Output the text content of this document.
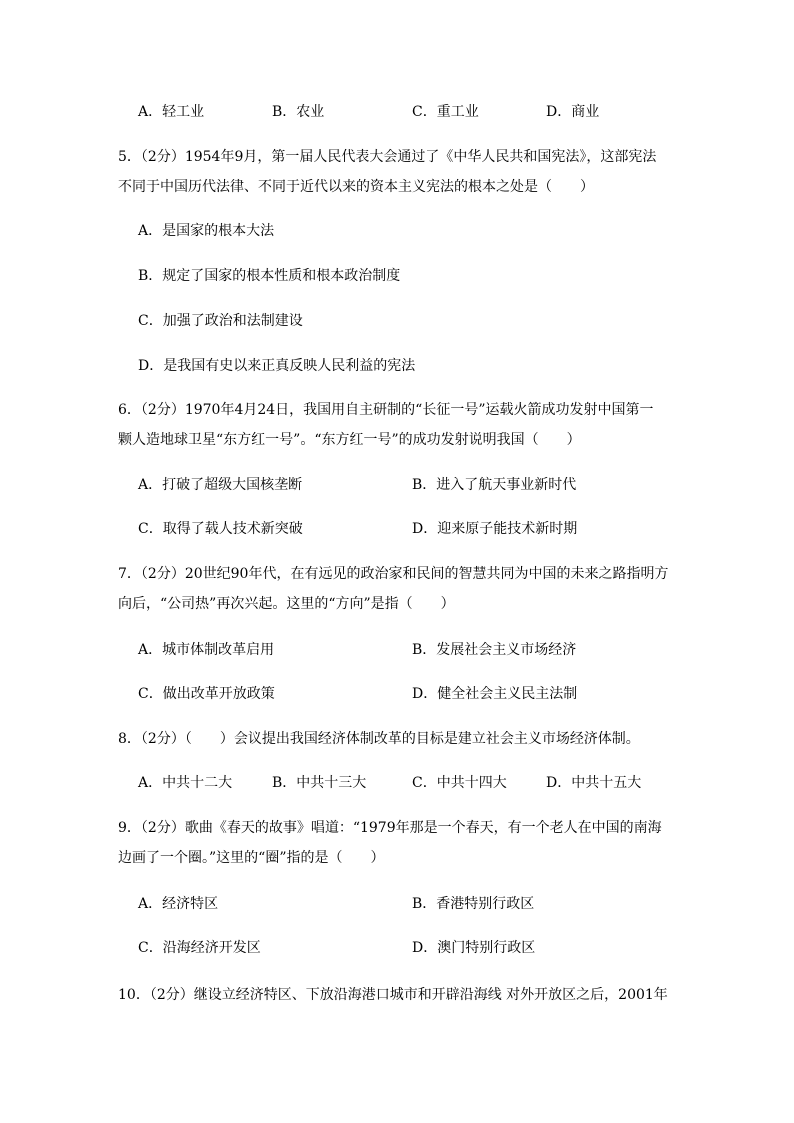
A．轻工业	B．农业	C．重工业	D．商业
5．（2分）1954年9月，第一届人民代表大会通过了《中华人民共和国宪法》，这部宪法
不同于中国历代法律、不同于近代以来的资本主义宪法的根本之处是（　　）
A．是国家的根本大法
B．规定了国家的根本性质和根本政治制度
C．加强了政治和法制建设
D．是我国有史以来正真反映人民利益的宪法
6．（2分）1970年4月24日，我国用自主研制的“长征一号”运载火箭成功发射中国第一
颗人造地球卫星“东方红一号”。“东方红一号”的成功发射说明我国（　　）
A．打破了超级大国核垄断	B．进入了航天事业新时代
C．取得了载人技术新突破	D．迎来原子能技术新时期
7．（2分）20世纪90年代，在有远见的政治家和民间的智慧共同为中国的未来之路指明方
向后，“公司热”再次兴起。这里的“方向”是指（　　）
A．城市体制改革启用	B．发展社会主义市场经济
C．做出改革开放政策	D．健全社会主义民主法制
8．（2分）（　　）会议提出我国经济体制改革的目标是建立社会主义市场经济体制。
A．中共十二大	B．中共十三大	C．中共十四大	D．中共十五大
9．（2分）歌曲《春天的故事》唱道：“1979年那是一个春天，有一个老人在中国的南海
边画了一个圈。”这里的“圈”指的是（　　）
A．经济特区	B．香港特别行政区
C．沿海经济开发区	D．澳门特别行政区
10．（2分）继设立经济特区、下放沿海港口城市和开辟沿海线 对外开放区之后，2001年
